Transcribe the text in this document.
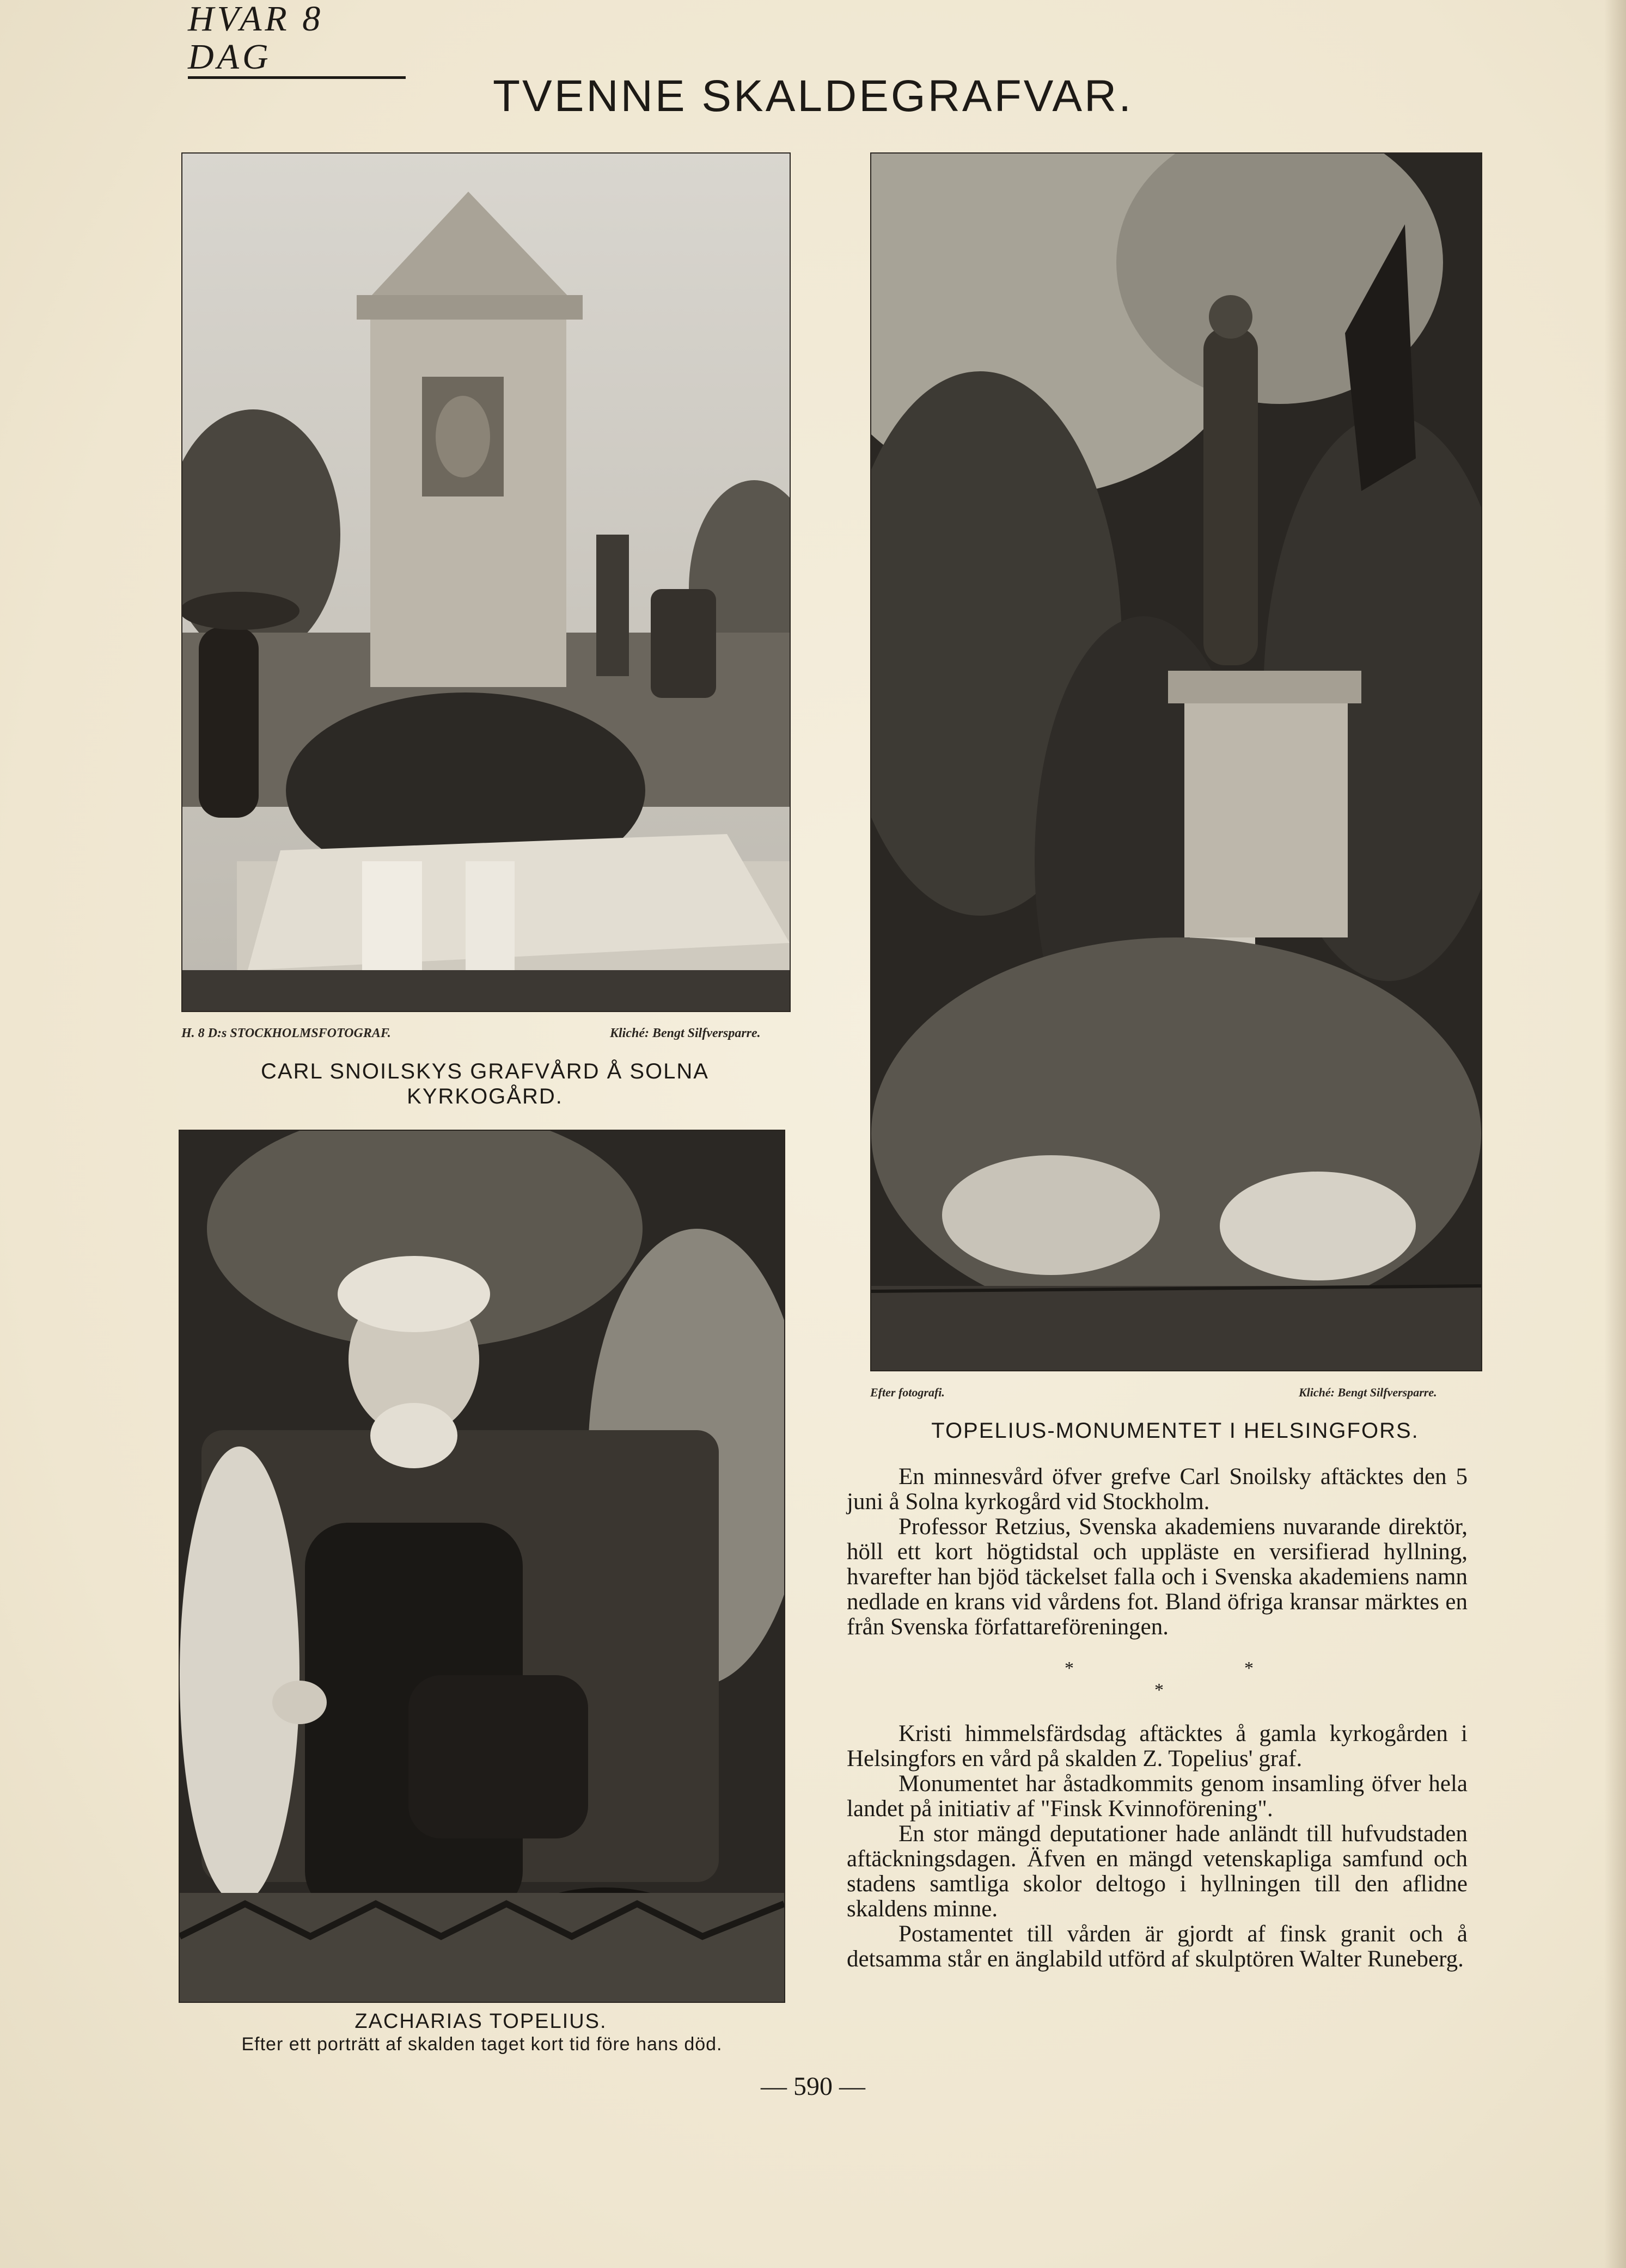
HVAR 8 DAG
TVENNE SKALDEGRAFVAR.
H. 8 D:s STOCKHOLMSFOTOGRAF.	Kliché: Bengt Silfversparre.
CARL SNOILSKYS GRAFVÅRD Å SOLNA KYRKOGÅRD.
Efter fotografi.	Kliché: Bengt Silfversparre.
TOPELIUS-MONUMENTET I HELSINGFORS.
ZACHARIAS TOPELIUS.
Efter ett porträtt af skalden taget kort tid före hans död.

En minnesvård öfver grefve Carl Snoilsky aftäcktes den 5 juni å Solna kyrkogård vid Stockholm.

Professor Retzius, Svenska akademiens nuvarande direktör, höll ett kort högtidstal och uppläste en versifierad hyllning, hvarefter han bjöd täckelset falla och i Svenska akademiens namn nedlade en krans vid vårdens fot. Bland öfriga kransar märktes en från Svenska författareföreningen.

*
*
*

Kristi himmelsfärdsdag aftäcktes å gamla kyrkogården i Helsingfors en vård på skalden Z. Topelius' graf.

Monumentet har åstadkommits genom insamling öfver hela landet på initiativ af "Finsk Kvinnoförening".

En stor mängd deputationer hade anländt till hufvudstaden aftäckningsdagen. Äfven en mängd vetenskapliga samfund och stadens samtliga skolor deltogo i hyllningen till den aflidne skaldens minne.

Postamentet till vården är gjordt af finsk granit och å detsamma står en änglabild utförd af skulptören Walter Runeberg.

— 590 —
